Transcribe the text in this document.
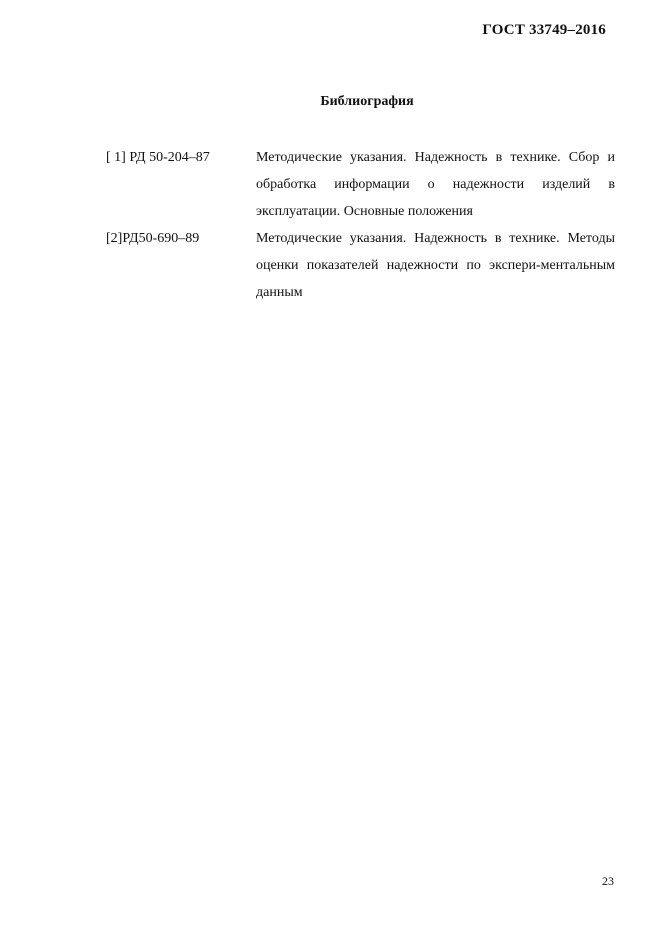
ГОСТ 33749–2016
Библиография
[ 1] РД 50-204–87	Методические указания. Надежность в технике. Сбор и обработка информации о надежности изделий в эксплуатации. Основные положения
[2]РД50-690–89	Методические указания. Надежность в технике. Методы оценки показателей надежности по экспери-ментальным данным
23
